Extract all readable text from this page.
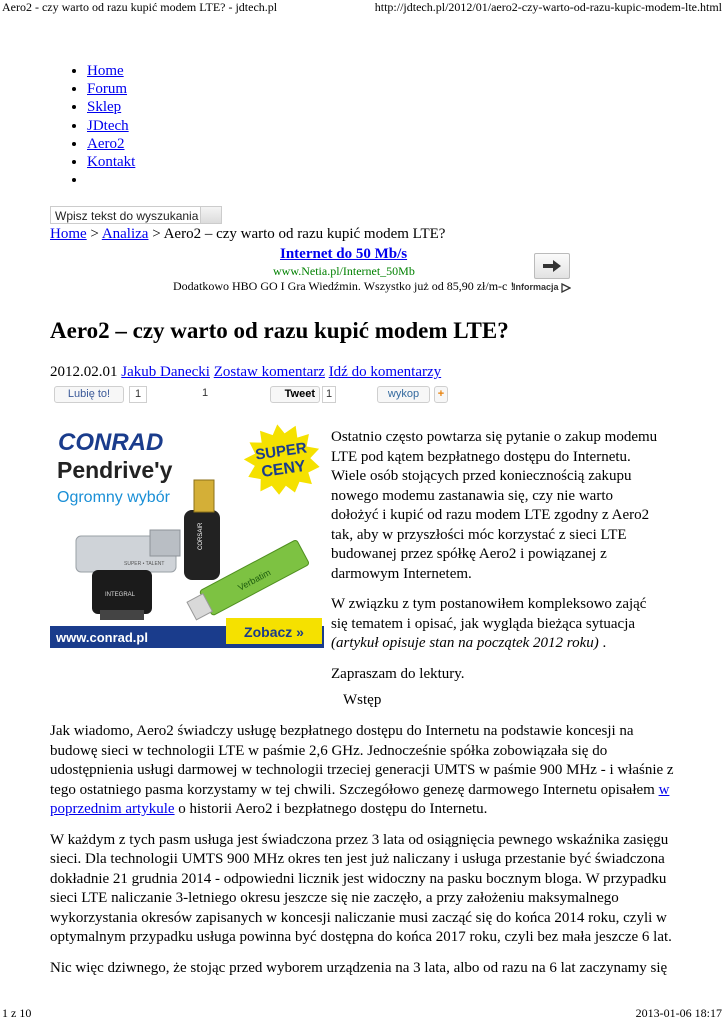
Aero2 - czy warto od razu kupić modem LTE? - jdtech.pl	http://jdtech.pl/2012/01/aero2-czy-warto-od-razu-kupic-modem-lte.html
• Home
• Forum
• Sklep
• JDtech
• Aero2
• Kontakt
•
Wpisz tekst do wyszukania
Home > Analiza > Aero2 – czy warto od razu kupić modem LTE?
Internet do 50 Mb/s
www.Netia.pl/Internet_50Mb
Dodatkowo HBO GO I Gra Wiedźmin. Wszystko już od 85,90 zł/m-c !
Informacja
Aero2 – czy warto od razu kupić modem LTE?
2012.02.01 Jakub Danecki Zostaw komentarz Idź do komentarzy
Lubię to!	1	1	Tweet 1	wykop	+
CONRAD
Pendrive'y
Ogromny wybór
SUPER
CENY
SUPER • TALENT
INTEGRAL
CORSAIR
Verbatim
www.conrad.pl	Zobacz »

Ostatnio często powtarza się pytanie o zakup modemu LTE pod kątem bezpłatnego dostępu do Internetu. Wiele osób stojących przed koniecznością zakupu nowego modemu zastanawia się, czy nie warto dołożyć i kupić od razu modem LTE zgodny z Aero2 tak, aby w przyszłości móc korzystać z sieci LTE budowanej przez spółkę Aero2 i powiązanej z darmowym Internetem.

W związku z tym postanowiłem kompleksowo zająć się tematem i opisać, jak wygląda bieżąca sytuacja (artykuł opisuje stan na początek 2012 roku) .

Zapraszam do lektury.

Wstęp

Jak wiadomo, Aero2 świadczy usługę bezpłatnego dostępu do Internetu na podstawie koncesji na budowę sieci w technologii LTE w paśmie 2,6 GHz. Jednocześnie spółka zobowiązała się do udostępnienia usługi darmowej w technologii trzeciej generacji UMTS w paśmie 900 MHz - i właśnie z tego ostatniego pasma korzystamy w tej chwili. Szczegółowo genezę darmowego Internetu opisałem w poprzednim artykule o historii Aero2 i bezpłatnego dostępu do Internetu.

W każdym z tych pasm usługa jest świadczona przez 3 lata od osiągnięcia pewnego wskaźnika zasięgu sieci. Dla technologii UMTS 900 MHz okres ten jest już naliczany i usługa przestanie być świadczona dokładnie 21 grudnia 2014 - odpowiedni licznik jest widoczny na pasku bocznym bloga. W przypadku sieci LTE naliczanie 3-letniego okresu jeszcze się nie zaczęło, a przy założeniu maksymalnego wykorzystania okresów zapisanych w koncesji naliczanie musi zacząć się do końca 2014 roku, czyli w optymalnym przypadku usługa powinna być dostępna do końca 2017 roku, czyli bez mała jeszcze 6 lat.

Nic więc dziwnego, że stojąc przed wyborem urządzenia na 3 lata, albo od razu na 6 lat zaczynamy się

1 z 10	2013-01-06 18:17
